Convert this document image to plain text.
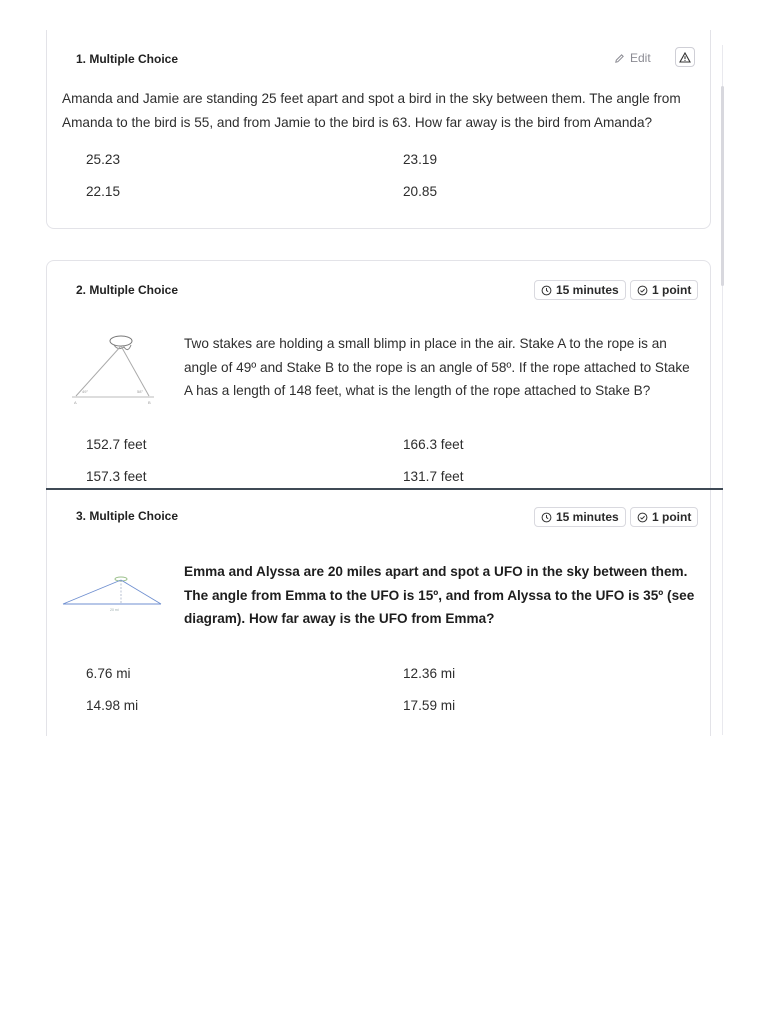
1. Multiple Choice	Edit
Amanda and Jamie are standing 25 feet apart and spot a bird in the sky between them. The angle from Amanda to the bird is 55, and from Jamie to the bird is 63. How far away is the bird from Amanda?
25.23	23.19
22.15	20.85
2. Multiple Choice	15 minutes	1 point
49°	58°
A	B
Two stakes are holding a small blimp in place in the air. Stake A to the rope is an angle of 49º and Stake B to the rope is an angle of 58º. If the rope attached to Stake A has a length of 148 feet, what is the length of the rope attached to Stake B?
152.7 feet	166.3 feet
157.3 feet	131.7 feet
3. Multiple Choice	15 minutes	1 point
20 mi
Emma and Alyssa are 20 miles apart and spot a UFO in the sky between them. The angle from Emma to the UFO is 15º, and from Alyssa to the UFO is 35º (see diagram). How far away is the UFO from Emma?
6.76 mi	12.36 mi
14.98 mi	17.59 mi
